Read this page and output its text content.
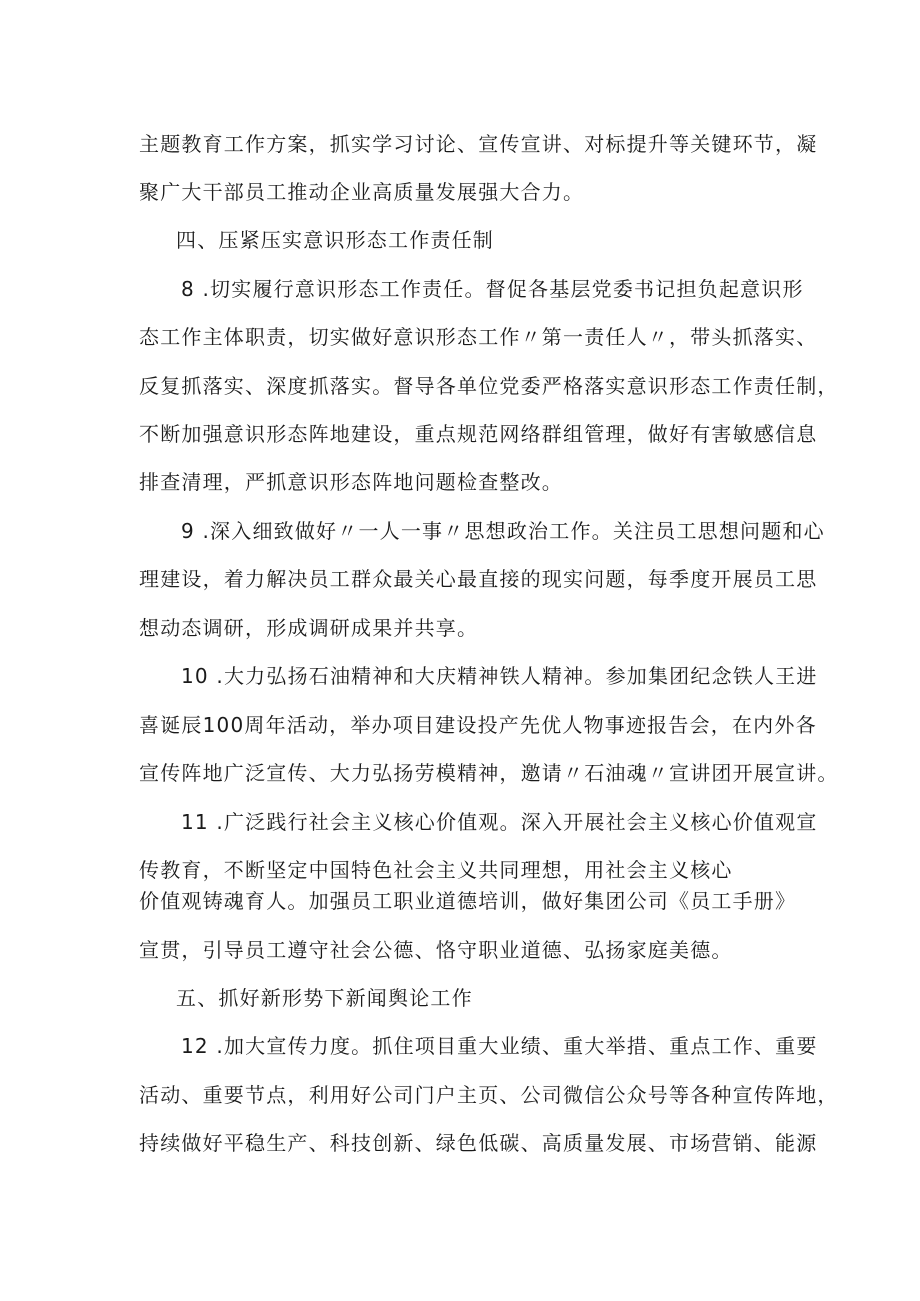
主题教育工作方案，抓实学习讨论、宣传宣讲、对标提升等关键环节，凝
聚广大干部员工推动企业高质量发展强大合力。
四、压紧压实意识形态工作责任制
8 .切实履行意识形态工作责任。督促各基层党委书记担负起意识形
态工作主体职责，切实做好意识形态工作〃第一责任人〃，带头抓落实、
反复抓落实、深度抓落实。督导各单位党委严格落实意识形态工作责任制，
不断加强意识形态阵地建设，重点规范网络群组管理，做好有害敏感信息
排查清理，严抓意识形态阵地问题检查整改。
9 .深入细致做好〃一人一事〃思想政治工作。关注员工思想问题和心
理建设，着力解决员工群众最关心最直接的现实问题，每季度开展员工思
想动态调研，形成调研成果并共享。
10 .大力弘扬石油精神和大庆精神铁人精神。参加集团纪念铁人王进
喜诞辰100周年活动，举办项目建设投产先优人物事迹报告会，在内外各
宣传阵地广泛宣传、大力弘扬劳模精神，邀请〃石油魂〃宣讲团开展宣讲。
11 .广泛践行社会主义核心价值观。深入开展社会主义核心价值观宣
传教育，不断坚定中国特色社会主义共同理想，用社会主义核心
价值观铸魂育人。加强员工职业道德培训，做好集团公司《员工手册》
宣贯，引导员工遵守社会公德、恪守职业道德、弘扬家庭美德。
五、抓好新形势下新闻舆论工作
12 .加大宣传力度。抓住项目重大业绩、重大举措、重点工作、重要
活动、重要节点，利用好公司门户主页、公司微信公众号等各种宣传阵地，
持续做好平稳生产、科技创新、绿色低碳、高质量发展、市场营销、能源
